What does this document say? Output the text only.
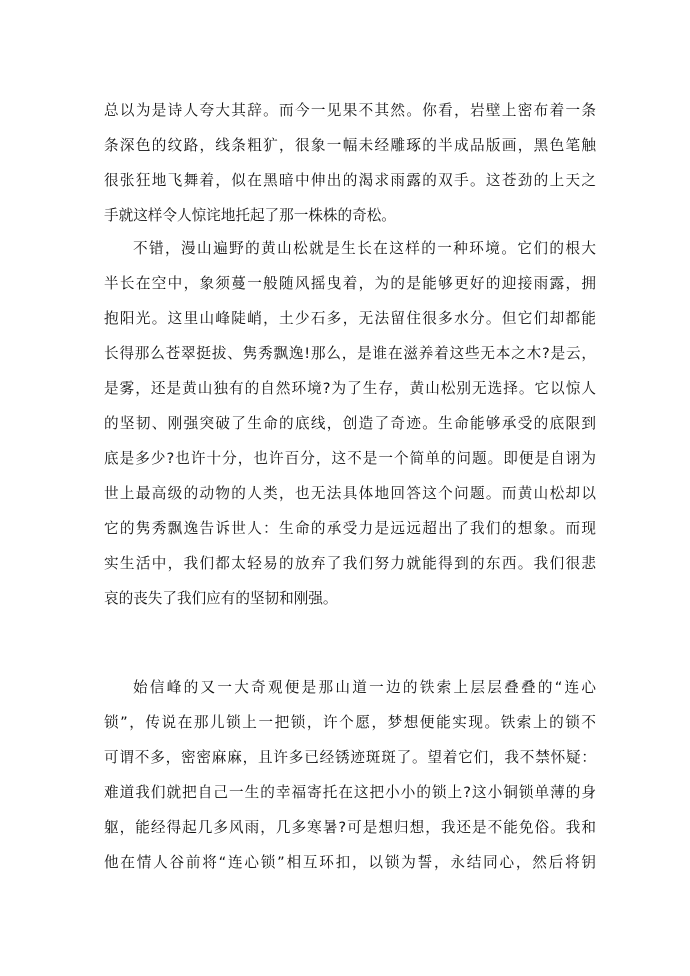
总以为是诗人夸大其辞。而今一见果不其然。你看，岩壁上密布着一条
条深色的纹路，线条粗犷，很象一幅未经雕琢的半成品版画，黑色笔触
很张狂地飞舞着，似在黑暗中伸出的渴求雨露的双手。这苍劲的上天之
手就这样令人惊诧地托起了那一株株的奇松。
不错，漫山遍野的黄山松就是生长在这样的一种环境。它们的根大
半长在空中，象须蔓一般随风摇曳着，为的是能够更好的迎接雨露，拥
抱阳光。这里山峰陡峭，土少石多，无法留住很多水分。但它们却都能
长得那么苍翠挺拔、隽秀飘逸!那么，是谁在滋养着这些无本之木?是云，
是雾，还是黄山独有的自然环境?为了生存，黄山松别无选择。它以惊人
的坚韧、刚强突破了生命的底线，创造了奇迹。生命能够承受的底限到
底是多少?也许十分，也许百分，这不是一个简单的问题。即便是自诩为
世上最高级的动物的人类，也无法具体地回答这个问题。而黄山松却以
它的隽秀飘逸告诉世人：生命的承受力是远远超出了我们的想象。而现
实生活中，我们都太轻易的放弃了我们努力就能得到的东西。我们很悲
哀的丧失了我们应有的坚韧和刚强。
始信峰的又一大奇观便是那山道一边的铁索上层层叠叠的“连心
锁”，传说在那儿锁上一把锁，许个愿，梦想便能实现。铁索上的锁不
可谓不多，密密麻麻，且许多已经锈迹斑斑了。望着它们，我不禁怀疑：
难道我们就把自己一生的幸福寄托在这把小小的锁上?这小铜锁单薄的身
躯，能经得起几多风雨，几多寒暑?可是想归想，我还是不能免俗。我和
他在情人谷前将“连心锁”相互环扣，以锁为誓，永结同心，然后将钥
